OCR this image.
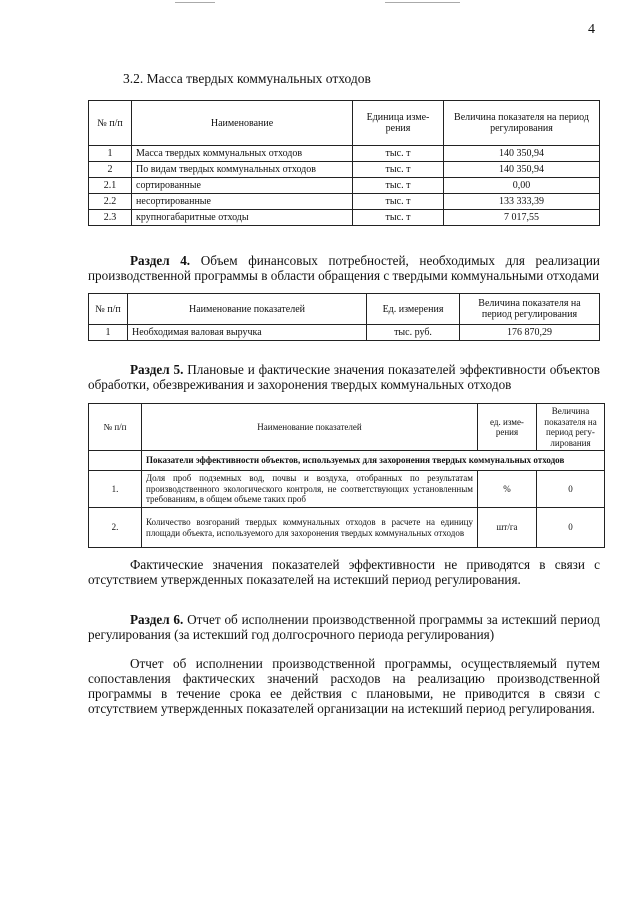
4
3.2. Масса твердых коммунальных отходов
№ п/п	Наименование	Единица изме-рения	Величина показателя на период регулирования
1	Масса твердых коммунальных отходов	тыс. т	140 350,94
2	По видам твердых коммунальных отходов	тыс. т	140 350,94
2.1	сортированные	тыс. т	0,00
2.2	несортированные	тыс. т	133 333,39
2.3	крупногабаритные отходы	тыс. т	7 017,55
Раздел 4. Объем финансовых потребностей, необходимых для реализации производственной программы в области обращения с твердыми коммунальными отходами
№ п/п	Наименование показателей	Ед. измерения	Величина показателя на период регулирования
1	Необходимая валовая выручка	тыс. руб.	176 870,29
Раздел 5. Плановые и фактические значения показателей эффективности объектов обработки, обезвреживания и захоронения твердых коммунальных отходов
№ п/п	Наименование показателей	ед. изме-рения	Величина показателя на период регу-лирования
	Показатели эффективности объектов, используемых для захоронения твердых коммунальных отходов		
1.	Доля проб подземных вод, почвы и воздуха, отобранных по результатам производственного экологического контроля, не соответствующих установленным требованиям, в общем объеме таких проб	%	0
2.	Количество возгораний твердых коммунальных отходов в расчете на единицу площади объекта, используемого для захоронения твердых коммунальных отходов	шт/га	0
Фактические значения показателей эффективности не приводятся в связи с отсутствием утвержденных показателей на истекший период регулирования.
Раздел 6. Отчет об исполнении производственной программы за истекший период регулирования (за истекший год долгосрочного периода регулирования)
Отчет об исполнении производственной программы, осуществляемый путем сопоставления фактических значений расходов на реализацию производственной программы в течение срока ее действия с плановыми, не приводится в связи с отсутствием утвержденных показателей организации на истекший период регулирования.
